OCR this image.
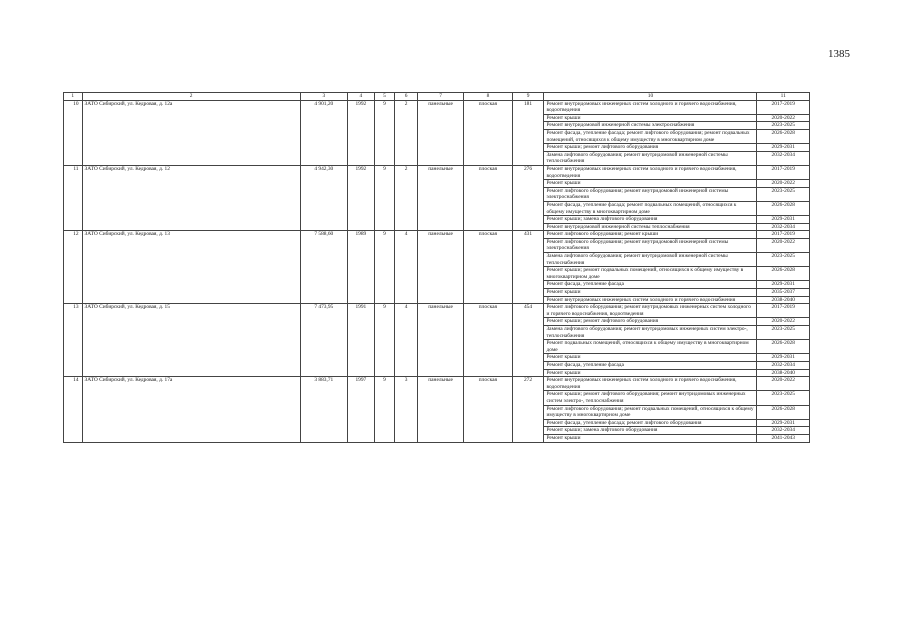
1385
1	2	3	4	5	6	7	8	9	10	11
10	ЗАТО Сибирский, ул. Кедровая, д. 12а	4 901,20	1992	9	2	панельные	плоская	181	Ремонт внутридомовых инженерных систем холодного и горячего водоснабжения, водоотведения	2017-2019
									Ремонт крыши	2020-2022
									Ремонт внутридомовой инженерной системы электроснабжения	2023-2025
									Ремонт фасада, утепление фасада; ремонт лифтового оборудования; ремонт подвальных помещений, относящихся к общему имуществу в многоквартирном доме	2026-2028
									Ремонт крыши; ремонт лифтового оборудования	2029-2031
									Замена лифтового оборудования; ремонт внутридомовой инженерной системы теплоснабжения	2032-2034
11	ЗАТО Сибирский, ул. Кедровая, д. 12	4 942,30	1992	9	2	панельные	плоская	276	Ремонт внутридомовых инженерных систем холодного и горячего водоснабжения, водоотведения	2017-2019
									Ремонт крыши	2020-2022
									Ремонт лифтового оборудования; ремонт внутридомовой инженерной системы электроснабжения	2023-2025
									Ремонт фасада, утепление фасада; ремонт подвальных помещений, относящихся к общему имуществу в многоквартирном доме	2026-2028
									Ремонт крыши; замена лифтового оборудования	2029-2031
									Ремонт внутридомовой инженерной системы теплоснабжения	2032-2034
12	ЗАТО Сибирский, ул. Кедровая, д. 13	7 588,60	1989	9	4	панельные	плоская	431	Ремонт лифтового оборудования; ремонт крыши	2017-2019
									Ремонт лифтового оборудования; ремонт внутридомовой инженерной системы электроснабжения	2020-2022
									Замена лифтового оборудования; ремонт внутридомовой инженерной системы теплоснабжения	2023-2025
									Ремонт крыши; ремонт подвальных помещений, относящихся к общему имуществу в многоквартирном доме	2026-2028
									Ремонт фасада, утепление фасада	2029-2031
									Ремонт крыши	2035-2037
									Ремонт внутридомовых инженерных систем холодного и горячего водоснабжения	2038-2040
13	ЗАТО Сибирский, ул. Кедровая, д. 15	7 473,95	1991	9	4	панельные	плоская	454	Ремонт лифтового оборудования; ремонт внутридомовых инженерных систем холодного и горячего водоснабжения, водоотведения	2017-2019
									Ремонт крыши; ремонт лифтового оборудования	2020-2022
									Замена лифтового оборудования; ремонт внутридомовых инженерных систем электро-, теплоснабжения	2023-2025
									Ремонт подвальных помещений, относящихся к общему имуществу в многоквартирном доме	2026-2028
									Ремонт крыши	2029-2031
									Ремонт фасада, утепление фасада	2032-2034
									Ремонт крыши	2038-2040
14	ЗАТО Сибирский, ул. Кедровая, д. 17а	3 883,71	1997	9	3	панельные	плоская	272	Ремонт внутридомовых инженерных систем холодного и горячего водоснабжения, водоотведения	2020-2022
									Ремонт крыши; ремонт лифтового оборудования; ремонт внутридомовых инженерных систем электро-, теплоснабжения	2023-2025
									Ремонт лифтового оборудования; ремонт подвальных помещений, относящихся к общему имуществу в многоквартирном доме	2026-2028
									Ремонт фасада, утепление фасада; ремонт лифтового оборудования	2029-2031
									Ремонт крыши; замена лифтового оборудования	2032-2034
									Ремонт крыши	2041-2043
